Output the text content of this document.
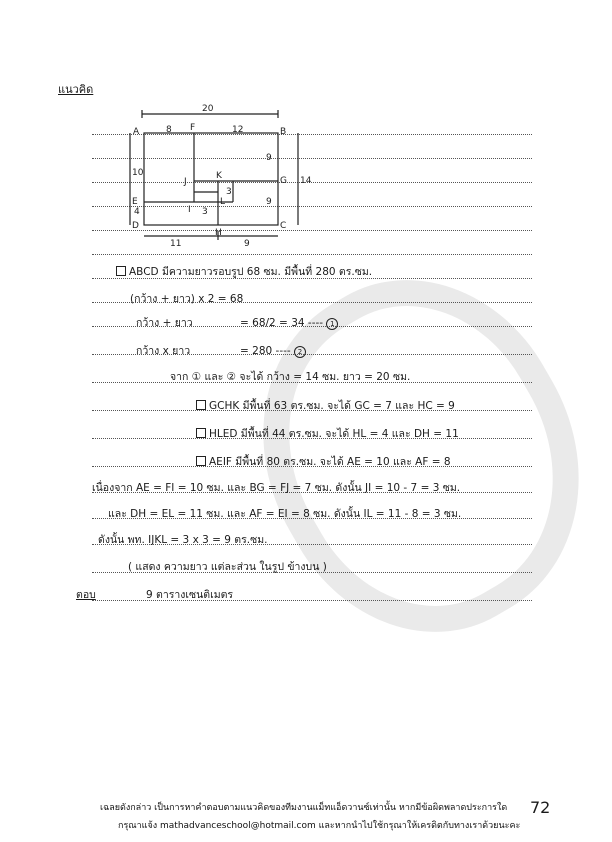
แนวคิด
20
A	B
C
D
E
F
G
H
I
J
K
L
8	12
10
14
4
9
9
3
3
11	9
ABCD มีความยาวรอบรูป 68 ซม. มีพื้นที่ 280 ตร.ซม.
(กว้าง + ยาว) x 2 = 68
กว้าง + ยาว	= 68/2 = 34 ---- 1
กว้าง x ยาว	= 280 ---- 2
จาก ① และ ② จะได้ กว้าง = 14 ซม. ยาว = 20 ซม.
GCHK มีพื้นที่ 63 ตร.ซม. จะได้ GC = 7 และ HC = 9
HLED มีพื้นที่ 44 ตร.ซม. จะได้ HL = 4 และ DH = 11
AEIF มีพื้นที่ 80 ตร.ซม. จะได้ AE = 10 และ AF = 8
เนื่องจาก AE = FI = 10 ซม. และ BG = FJ = 7 ซม. ดังนั้น JI = 10 - 7 = 3 ซม.
และ DH = EL = 11 ซม. และ AF = EI = 8 ซม. ดังนั้น IL = 11 - 8 = 3 ซม.
ดังนั้น พท. IJKL = 3 x 3 = 9 ตร.ซม.
( แสดง ความยาว แต่ละส่วน ในรูป ข้างบน )
ตอบ	9 ตารางเซนติเมตร
เฉลยดังกล่าว เป็นการหาคำตอบตามแนวคิดของทีมงานแม็ทแอ็ดวานซ์เท่านั้น หากมีข้อผิดพลาดประการใด
กรุณาแจ้ง mathadvanceschool@hotmail.com และหากนำไปใช้กรุณาให้เครดิตกับทางเราด้วยนะคะ
72
